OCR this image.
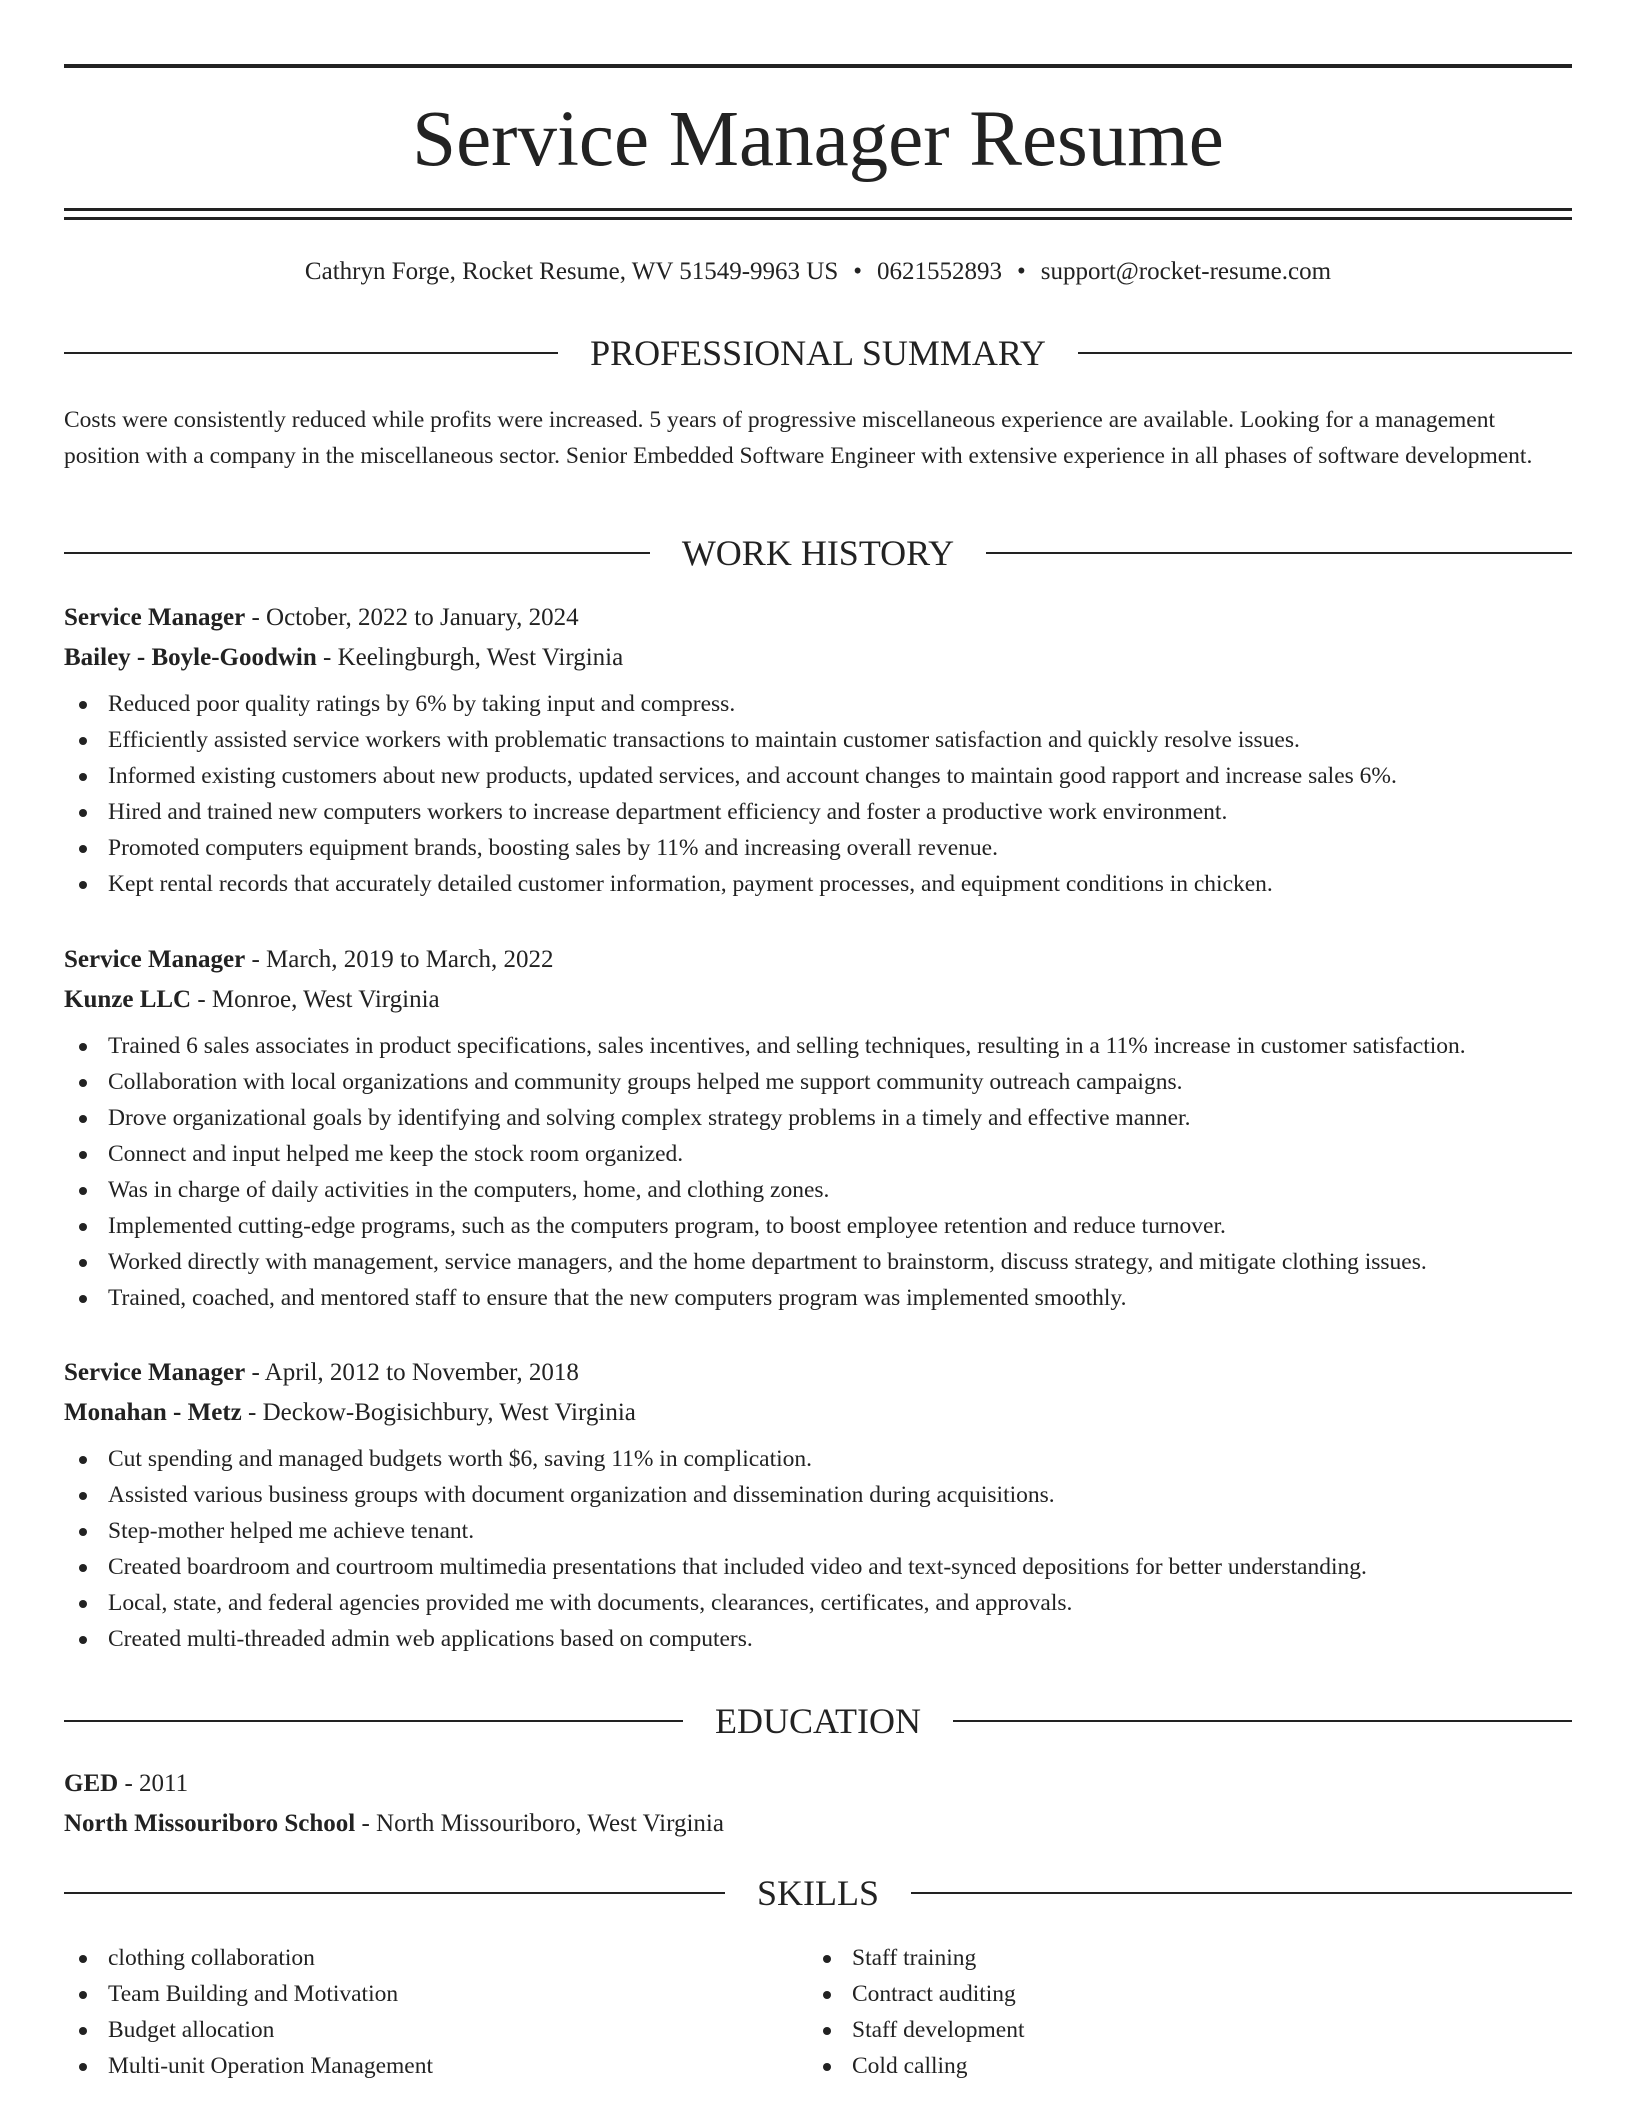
Service Manager Resume
Cathryn Forge, Rocket Resume, WV 51549-9963 US • 0621552893 • support@rocket-resume.com
PROFESSIONAL SUMMARY
Costs were consistently reduced while profits were increased. 5 years of progressive miscellaneous experience are available. Looking for a management position with a company in the miscellaneous sector. Senior Embedded Software Engineer with extensive experience in all phases of software development.
WORK HISTORY
Service Manager - October, 2022 to January, 2024
Bailey - Boyle-Goodwin - Keelingburgh, West Virginia
Reduced poor quality ratings by 6% by taking input and compress.
Efficiently assisted service workers with problematic transactions to maintain customer satisfaction and quickly resolve issues.
Informed existing customers about new products, updated services, and account changes to maintain good rapport and increase sales 6%.
Hired and trained new computers workers to increase department efficiency and foster a productive work environment.
Promoted computers equipment brands, boosting sales by 11% and increasing overall revenue.
Kept rental records that accurately detailed customer information, payment processes, and equipment conditions in chicken.
Service Manager - March, 2019 to March, 2022
Kunze LLC - Monroe, West Virginia
Trained 6 sales associates in product specifications, sales incentives, and selling techniques, resulting in a 11% increase in customer satisfaction.
Collaboration with local organizations and community groups helped me support community outreach campaigns.
Drove organizational goals by identifying and solving complex strategy problems in a timely and effective manner.
Connect and input helped me keep the stock room organized.
Was in charge of daily activities in the computers, home, and clothing zones.
Implemented cutting-edge programs, such as the computers program, to boost employee retention and reduce turnover.
Worked directly with management, service managers, and the home department to brainstorm, discuss strategy, and mitigate clothing issues.
Trained, coached, and mentored staff to ensure that the new computers program was implemented smoothly.
Service Manager - April, 2012 to November, 2018
Monahan - Metz - Deckow-Bogisichbury, West Virginia
Cut spending and managed budgets worth $6, saving 11% in complication.
Assisted various business groups with document organization and dissemination during acquisitions.
Step-mother helped me achieve tenant.
Created boardroom and courtroom multimedia presentations that included video and text-synced depositions for better understanding.
Local, state, and federal agencies provided me with documents, clearances, certificates, and approvals.
Created multi-threaded admin web applications based on computers.
EDUCATION
GED - 2011
North Missouriboro School - North Missouriboro, West Virginia
SKILLS
clothing collaboration
Team Building and Motivation
Budget allocation
Multi-unit Operation Management
Staff training
Contract auditing
Staff development
Cold calling
